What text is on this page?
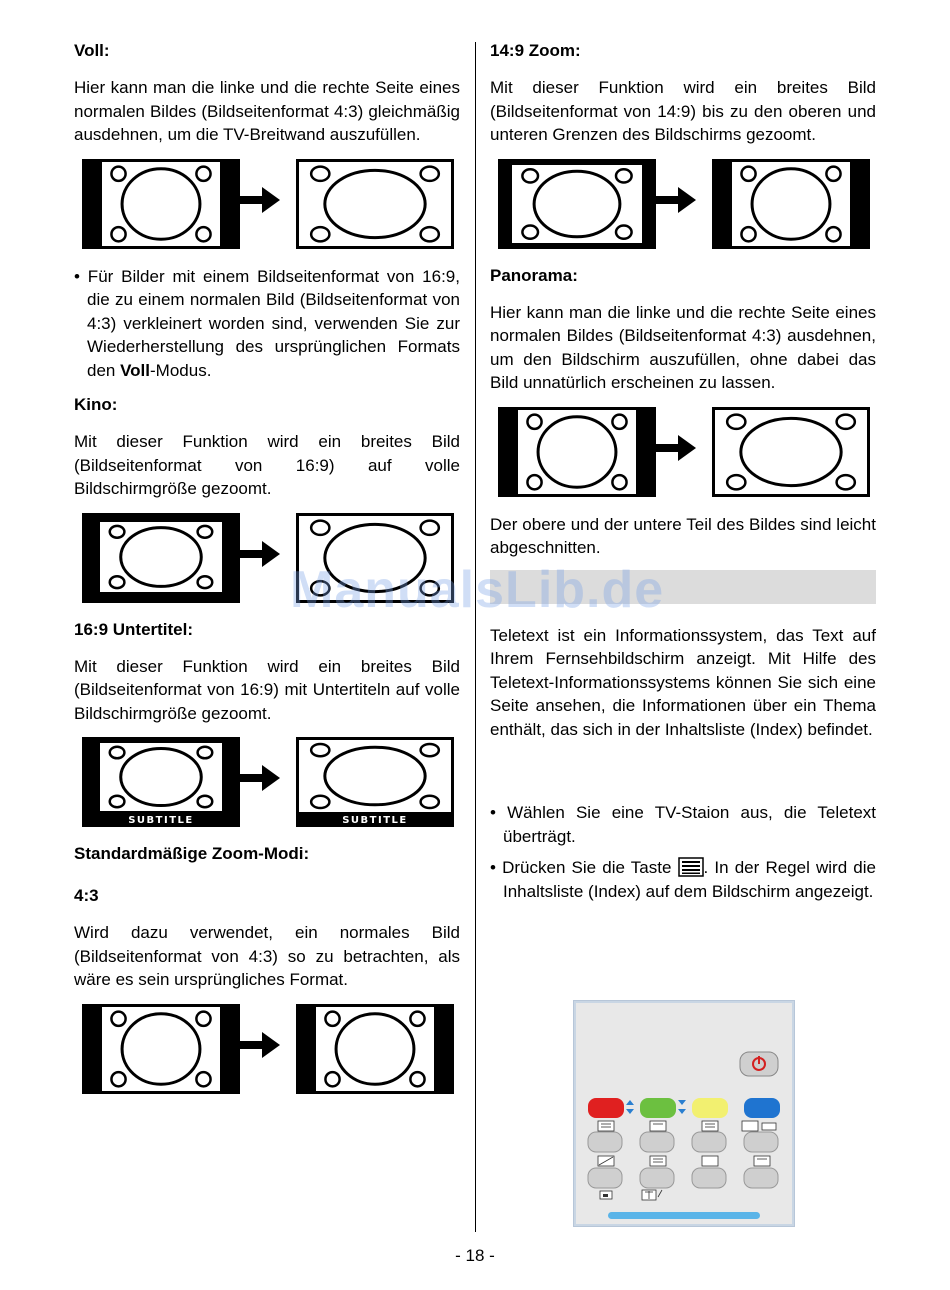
Voll:
Hier kann man die linke und die rechte Seite eines normalen Bildes (Bildseitenformat 4:3) gleichmäßig ausdehnen, um die TV-Breitwand auszufüllen.
• Für Bilder mit einem Bildseitenformat von 16:9, die zu einem normalen Bild (Bildseitenformat von 4:3) verkleinert worden sind, verwenden Sie zur Wiederherstellung des ursprünglichen Formats den Voll-Modus.
Kino:
Mit dieser Funktion wird ein breites Bild (Bildseitenformat von 16:9) auf volle Bildschirmgröße gezoomt.
16:9 Untertitel:
Mit dieser Funktion wird ein breites Bild (Bildseitenformat von 16:9) mit Untertiteln auf volle Bildschirmgröße gezoomt.
SUBTITLE	SUBTITLE
Standardmäßige Zoom-Modi:
4:3
Wird dazu verwendet, ein normales Bild (Bildseitenformat von 4:3) so zu betrachten, als wäre es sein ursprüngliches Format.
14:9 Zoom:
Mit dieser Funktion wird ein breites Bild (Bildseitenformat von 14:9) bis zu den oberen und unteren Grenzen des Bildschirms gezoomt.
Panorama:
Hier kann man die linke und die rechte Seite eines normalen Bildes (Bildseitenformat 4:3) ausdehnen, um den Bildschirm auszufüllen, ohne dabei das Bild unnatürlich erscheinen zu lassen.
Der obere und der untere Teil des Bildes sind leicht abgeschnitten.
Teletext ist ein Informationssystem, das Text auf Ihrem Fernsehbildschirm anzeigt. Mit Hilfe des Teletext-Informationssystems können Sie sich eine Seite ansehen, die Informationen über ein Thema enthält, das sich in der Inhaltsliste (Index) befindet.
• Wählen Sie eine TV-Staion aus, die Teletext überträgt.
• Drücken Sie die Taste . In der Regel wird die Inhaltsliste (Index) auf dem Bildschirm angezeigt.
ManualsLib.de
- 18 -
